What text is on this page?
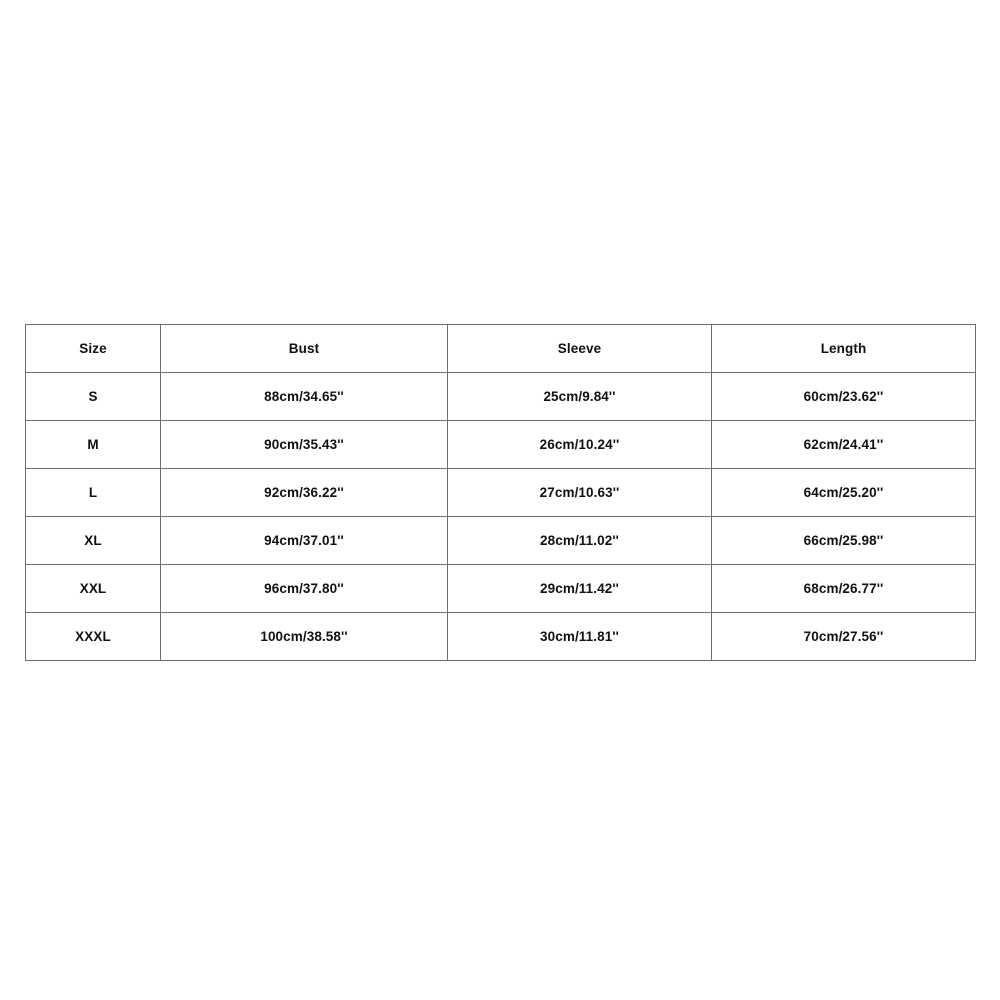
Size	Bust	Sleeve	Length
S	88cm/34.65''	25cm/9.84''	60cm/23.62''
M	90cm/35.43''	26cm/10.24''	62cm/24.41''
L	92cm/36.22''	27cm/10.63''	64cm/25.20''
XL	94cm/37.01''	28cm/11.02''	66cm/25.98''
XXL	96cm/37.80''	29cm/11.42''	68cm/26.77''
XXXL	100cm/38.58''	30cm/11.81''	70cm/27.56''
